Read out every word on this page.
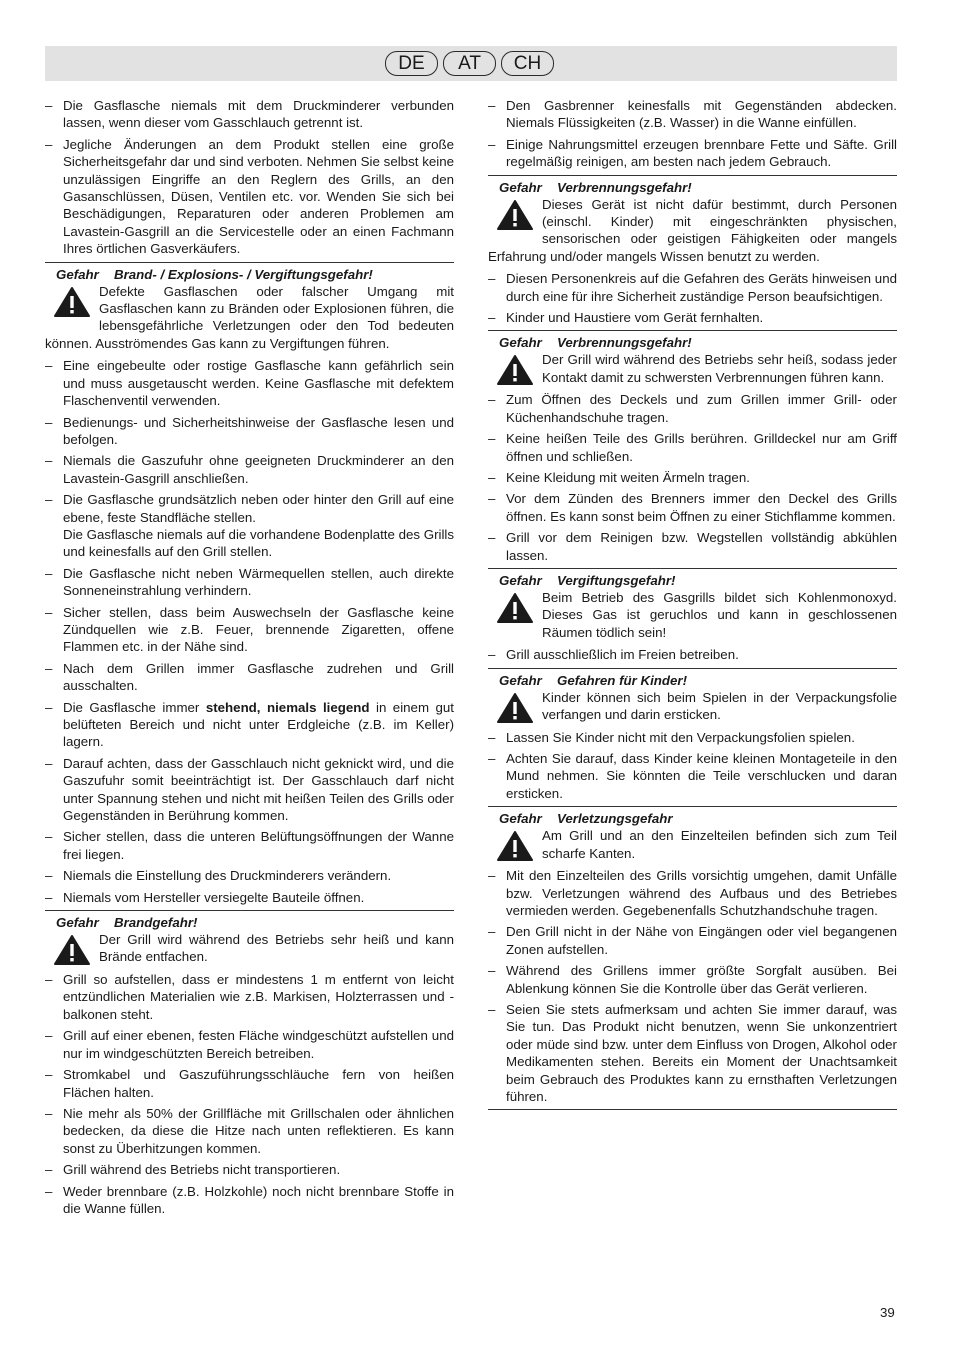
DE	AT	CH
– Die Gasflasche niemals mit dem Druckminderer verbunden lassen, wenn dieser vom Gasschlauch getrennt ist.
– Jegliche Änderungen an dem Produkt stellen eine große Sicherheitsgefahr dar und sind verboten. Nehmen Sie selbst keine unzulässigen Eingriffe an den Reglern des Grills, an den Gasanschlüssen, Düsen, Ventilen etc. vor. Wenden Sie sich bei Beschädigungen, Reparaturen oder anderen Problemen am Lavastein-Gasgrill an die Servicestelle oder an einen Fachmann Ihres örtlichen Gasverkäufers.
Gefahr	Brand- / Explosions- / Vergiftungsgefahr!
Defekte Gasflaschen oder falscher Umgang mit Gasflaschen kann zu Bränden oder Explosionen führen, die lebensgefährliche Verletzungen oder den Tod bedeuten können. Ausströmendes Gas kann zu Vergiftungen führen.
– Eine eingebeulte oder rostige Gasflasche kann gefährlich sein und muss ausgetauscht werden. Keine Gasflasche mit defektem Flaschenventil verwenden.
– Bedienungs- und Sicherheitshinweise der Gasflasche lesen und befolgen.
– Niemals die Gaszufuhr ohne geeigneten Druckminderer an den Lavastein-Gasgrill anschließen.
– Die Gasflasche grundsätzlich neben oder hinter den Grill auf eine ebene, feste Standfläche stellen.

Die Gasflasche niemals auf die vorhandene Bodenplatte des Grills und keinesfalls auf den Grill stellen.

– Die Gasflasche nicht neben Wärmequellen stellen, auch direkte Sonneneinstrahlung verhindern.
– Sicher stellen, dass beim Auswechseln der Gasflasche keine Zündquellen wie z.B. Feuer, brennende Zigaretten, offene Flammen etc. in der Nähe sind.
– Nach dem Grillen immer Gasflasche zudrehen und Grill ausschalten.
– Die Gasflasche immer stehend, niemals liegend in einem gut belüfteten Bereich und nicht unter Erdgleiche (z.B. im Keller) lagern.
– Darauf achten, dass der Gasschlauch nicht geknickt wird, und die Gaszufuhr somit beeinträchtigt ist. Der Gasschlauch darf nicht unter Spannung stehen und nicht mit heißen Teilen des Grills oder Gegenständen in Berührung kommen.
– Sicher stellen, dass die unteren Belüftungsöffnungen der Wanne frei liegen.
– Niemals die Einstellung des Druckminderers verändern.
– Niemals vom Hersteller versiegelte Bauteile öffnen.
Gefahr	Brandgefahr!
Der Grill wird während des Betriebs sehr heiß und kann Brände entfachen.
– Grill so aufstellen, dass er mindestens 1 m entfernt von leicht entzündlichen Materialien wie z.B. Markisen, Holzterrassen und -balkonen steht.
– Grill auf einer ebenen, festen Fläche windgeschützt aufstellen und nur im windgeschützten Bereich betreiben.
– Stromkabel und Gaszuführungsschläuche fern von heißen Flächen halten.
– Nie mehr als 50% der Grillfläche mit Grillschalen oder ähnlichen bedecken, da diese die Hitze nach unten reflektieren. Es kann sonst zu Überhitzungen kommen.
– Grill während des Betriebs nicht transportieren.
– Weder brennbare (z.B. Holzkohle) noch nicht brennbare Stoffe in die Wanne füllen.
– Den Gasbrenner keinesfalls mit Gegenständen abdecken. Niemals Flüssigkeiten (z.B. Wasser) in die Wanne einfüllen.
– Einige Nahrungsmittel erzeugen brennbare Fette und Säfte. Grill regelmäßig reinigen, am besten nach jedem Gebrauch.
Gefahr	Verbrennungsgefahr!
Dieses Gerät ist nicht dafür bestimmt, durch Personen (einschl. Kinder) mit eingeschränkten physischen, sensorischen oder geistigen Fähigkeiten oder mangels Erfahrung und/oder mangels Wissen benutzt zu werden.
– Diesen Personenkreis auf die Gefahren des Geräts hinweisen und durch eine für ihre Sicherheit zuständige Person beaufsichtigen.
– Kinder und Haustiere vom Gerät fernhalten.
Gefahr	Verbrennungsgefahr!
Der Grill wird während des Betriebs sehr heiß, sodass jeder Kontakt damit zu schwersten Verbrennungen führen kann.
– Zum Öffnen des Deckels und zum Grillen immer Grill- oder Küchenhandschuhe tragen.
– Keine heißen Teile des Grills berühren. Grilldeckel nur am Griff öffnen und schließen.
– Keine Kleidung mit weiten Ärmeln tragen.
– Vor dem Zünden des Brenners immer den Deckel des Grills öffnen. Es kann sonst beim Öffnen zu einer Stichflamme kommen.
– Grill vor dem Reinigen bzw. Wegstellen vollständig abkühlen lassen.
Gefahr	Vergiftungsgefahr!
Beim Betrieb des Gasgrills bildet sich Kohlenmonoxyd. Dieses Gas ist geruchlos und kann in geschlossenen Räumen tödlich sein!
– Grill ausschließlich im Freien betreiben.
Gefahr	Gefahren für Kinder!
Kinder können sich beim Spielen in der Verpackungsfolie verfangen und darin ersticken.
– Lassen Sie Kinder nicht mit den Verpackungsfolien spielen.
– Achten Sie darauf, dass Kinder keine kleinen Montageteile in den Mund nehmen. Sie könnten die Teile verschlucken und daran ersticken.
Gefahr	Verletzungsgefahr
Am Grill und an den Einzelteilen befinden sich zum Teil scharfe Kanten.
– Mit den Einzelteilen des Grills vorsichtig umgehen, damit Unfälle bzw. Verletzungen während des Aufbaus und des Betriebes vermieden werden. Gegebenenfalls Schutzhandschuhe tragen.
– Den Grill nicht in der Nähe von Eingängen oder viel begangenen Zonen aufstellen.
– Während des Grillens immer größte Sorgfalt ausüben. Bei Ablenkung können Sie die Kontrolle über das Gerät verlieren.
– Seien Sie stets aufmerksam und achten Sie immer darauf, was Sie tun. Das Produkt nicht benutzen, wenn Sie unkonzentriert oder müde sind bzw. unter dem Einfluss von Drogen, Alkohol oder Medikamenten stehen. Bereits ein Moment der Unachtsamkeit beim Gebrauch des Produktes kann zu ernsthaften Verletzungen führen.
39
